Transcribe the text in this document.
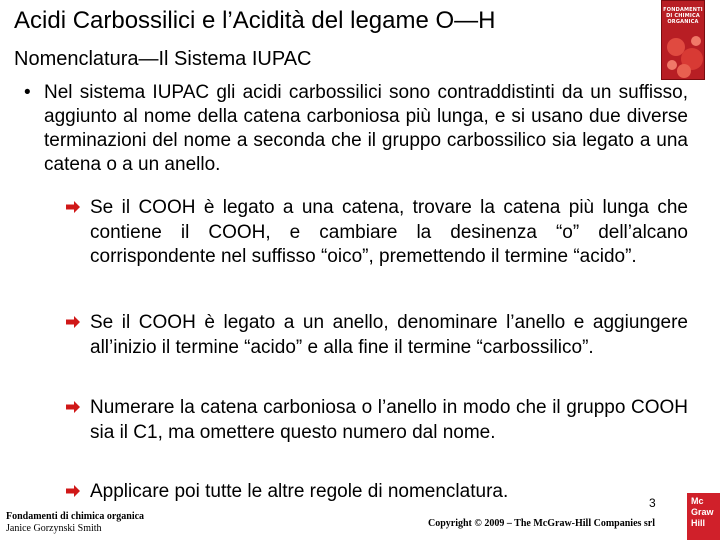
Acidi Carbossilici e l’Acidità del legame O—H
Nomenclatura—Il Sistema IUPAC
FONDAMENTI
DI CHIMICA
ORGANICA
• Nel sistema IUPAC gli acidi carbossilici sono contraddistinti da un suffisso, aggiunto al nome della catena carboniosa più lunga, e si usano due diverse terminazioni del nome a seconda che il gruppo carbossilico sia legato a una catena o a un anello.
Se il COOH è legato a una catena, trovare la catena più lunga che contiene il COOH, e cambiare la desinenza “o” dell’alcano corrispondente nel suffisso “oico”, premettendo il termine “acido”.
Se il COOH è legato a un anello, denominare l’anello e aggiungere all’inizio il termine “acido” e alla fine il termine “carbossilico”.
Numerare la catena carboniosa o l’anello in modo che il gruppo COOH sia il C1, ma omettere questo numero dal nome.
Applicare poi tutte le altre regole di nomenclatura.
3
Fondamenti di chimica organica
Janice Gorzynski Smith	Copyright © 2009 – The McGraw-Hill Companies srl
Mc
Graw
Hill
